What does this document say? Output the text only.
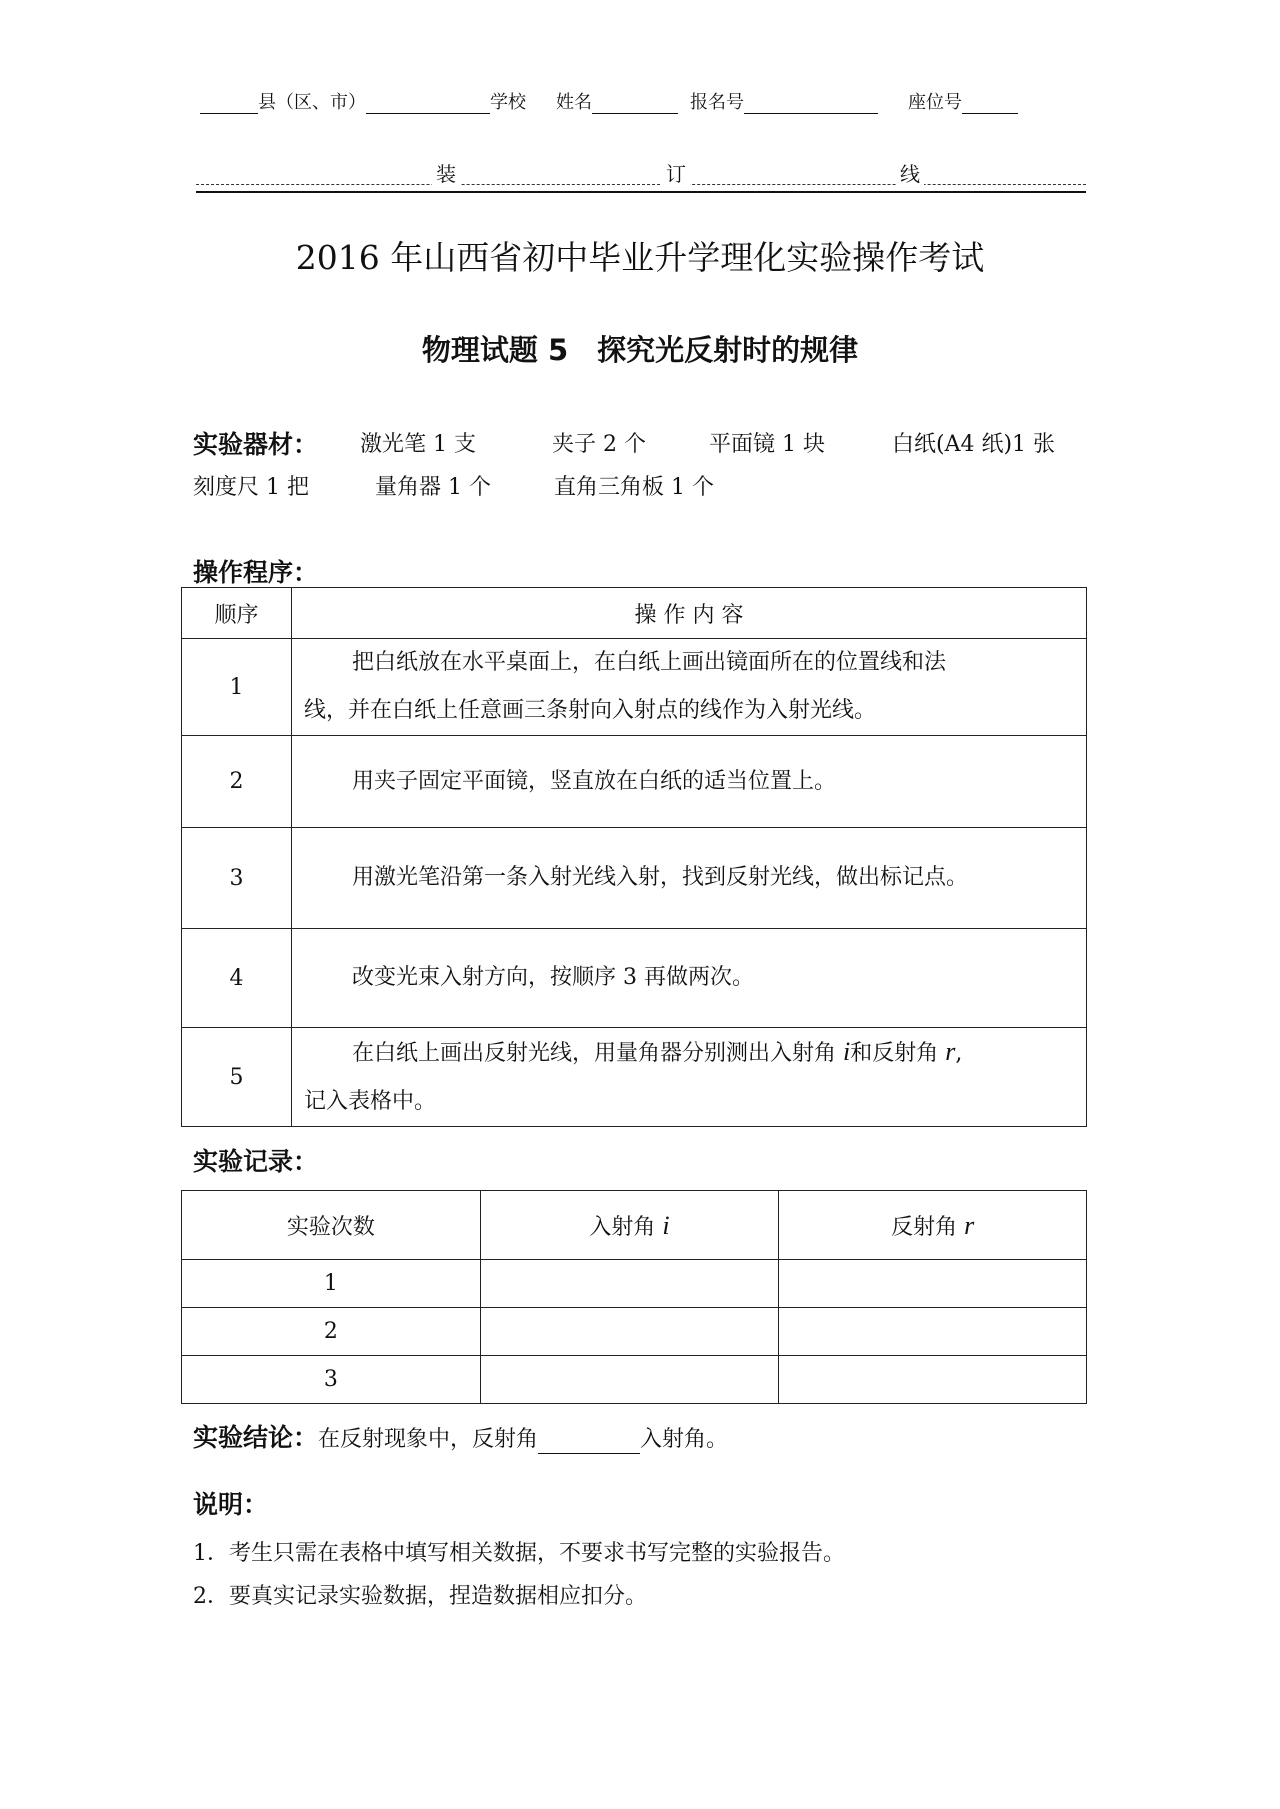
县（区、市）	学校 姓名	报名号	座位号
装	订	线
2016 年山西省初中毕业升学理化实验操作考试
物理试题 5　探究光反射时的规律
实验器材： 激光笔 1 支	夹子 2 个	平面镜 1 块	白纸(A4 纸)1 张
刻度尺 1 把	量角器 1 个	直角三角板 1 个
操作程序：
顺序	操 作 内 容
1	把白纸放在水平桌面上，在白纸上画出镜面所在的位置线和法
线，并在白纸上任意画三条射向入射点的线作为入射光线。
2	用夹子固定平面镜，竖直放在白纸的适当位置上。
3	用激光笔沿第一条入射光线入射，找到反射光线，做出标记点。
4	改变光束入射方向，按顺序 3 再做两次。
5	在白纸上画出反射光线，用量角器分别测出入射角 i和反射角 r,
记入表格中。
实验记录：
实验次数	入射角 i	反射角 r
1		
2		
3		
实验结论：在反射现象中，反射角	入射角。
说明：
1．考生只需在表格中填写相关数据，不要求书写完整的实验报告。
2．要真实记录实验数据，捏造数据相应扣分。
